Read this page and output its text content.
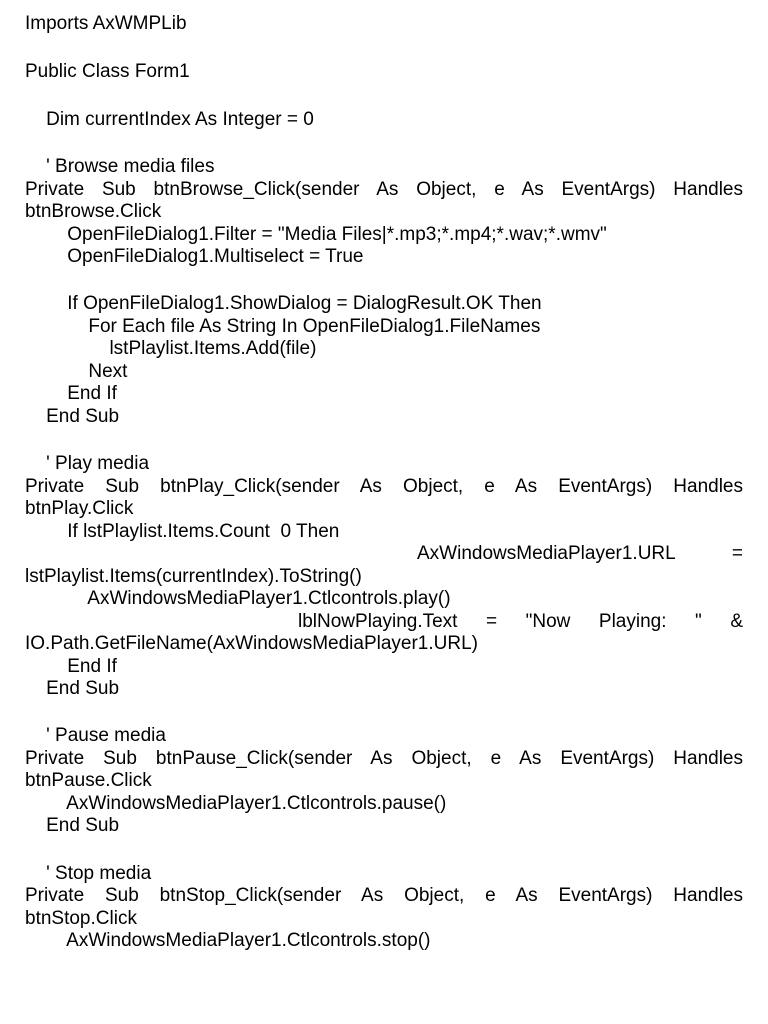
Imports AxWMPLib
Public Class Form1
Dim currentIndex As Integer = 0
' Browse media files
Private Sub btnBrowse_Click(sender As Object, e As EventArgs) Handles
btnBrowse.Click
OpenFileDialog1.Filter = "Media Files|*.mp3;*.mp4;*.wav;*.wmv"
OpenFileDialog1.Multiselect = True
If OpenFileDialog1.ShowDialog = DialogResult.OK Then
For Each file As String In OpenFileDialog1.FileNames
lstPlaylist.Items.Add(file)
Next
End If
End Sub
' Play media
Private Sub btnPlay_Click(sender As Object, e As EventArgs) Handles
btnPlay.Click
If lstPlaylist.Items.Count  0 Then
AxWindowsMediaPlayer1.URL =
lstPlaylist.Items(currentIndex).ToString()
AxWindowsMediaPlayer1.Ctlcontrols.play()
lblNowPlaying.Text = "Now Playing: " &
IO.Path.GetFileName(AxWindowsMediaPlayer1.URL)
End If
End Sub
' Pause media
Private Sub btnPause_Click(sender As Object, e As EventArgs) Handles
btnPause.Click
AxWindowsMediaPlayer1.Ctlcontrols.pause()
End Sub
' Stop media
Private Sub btnStop_Click(sender As Object, e As EventArgs) Handles
btnStop.Click
AxWindowsMediaPlayer1.Ctlcontrols.stop()
